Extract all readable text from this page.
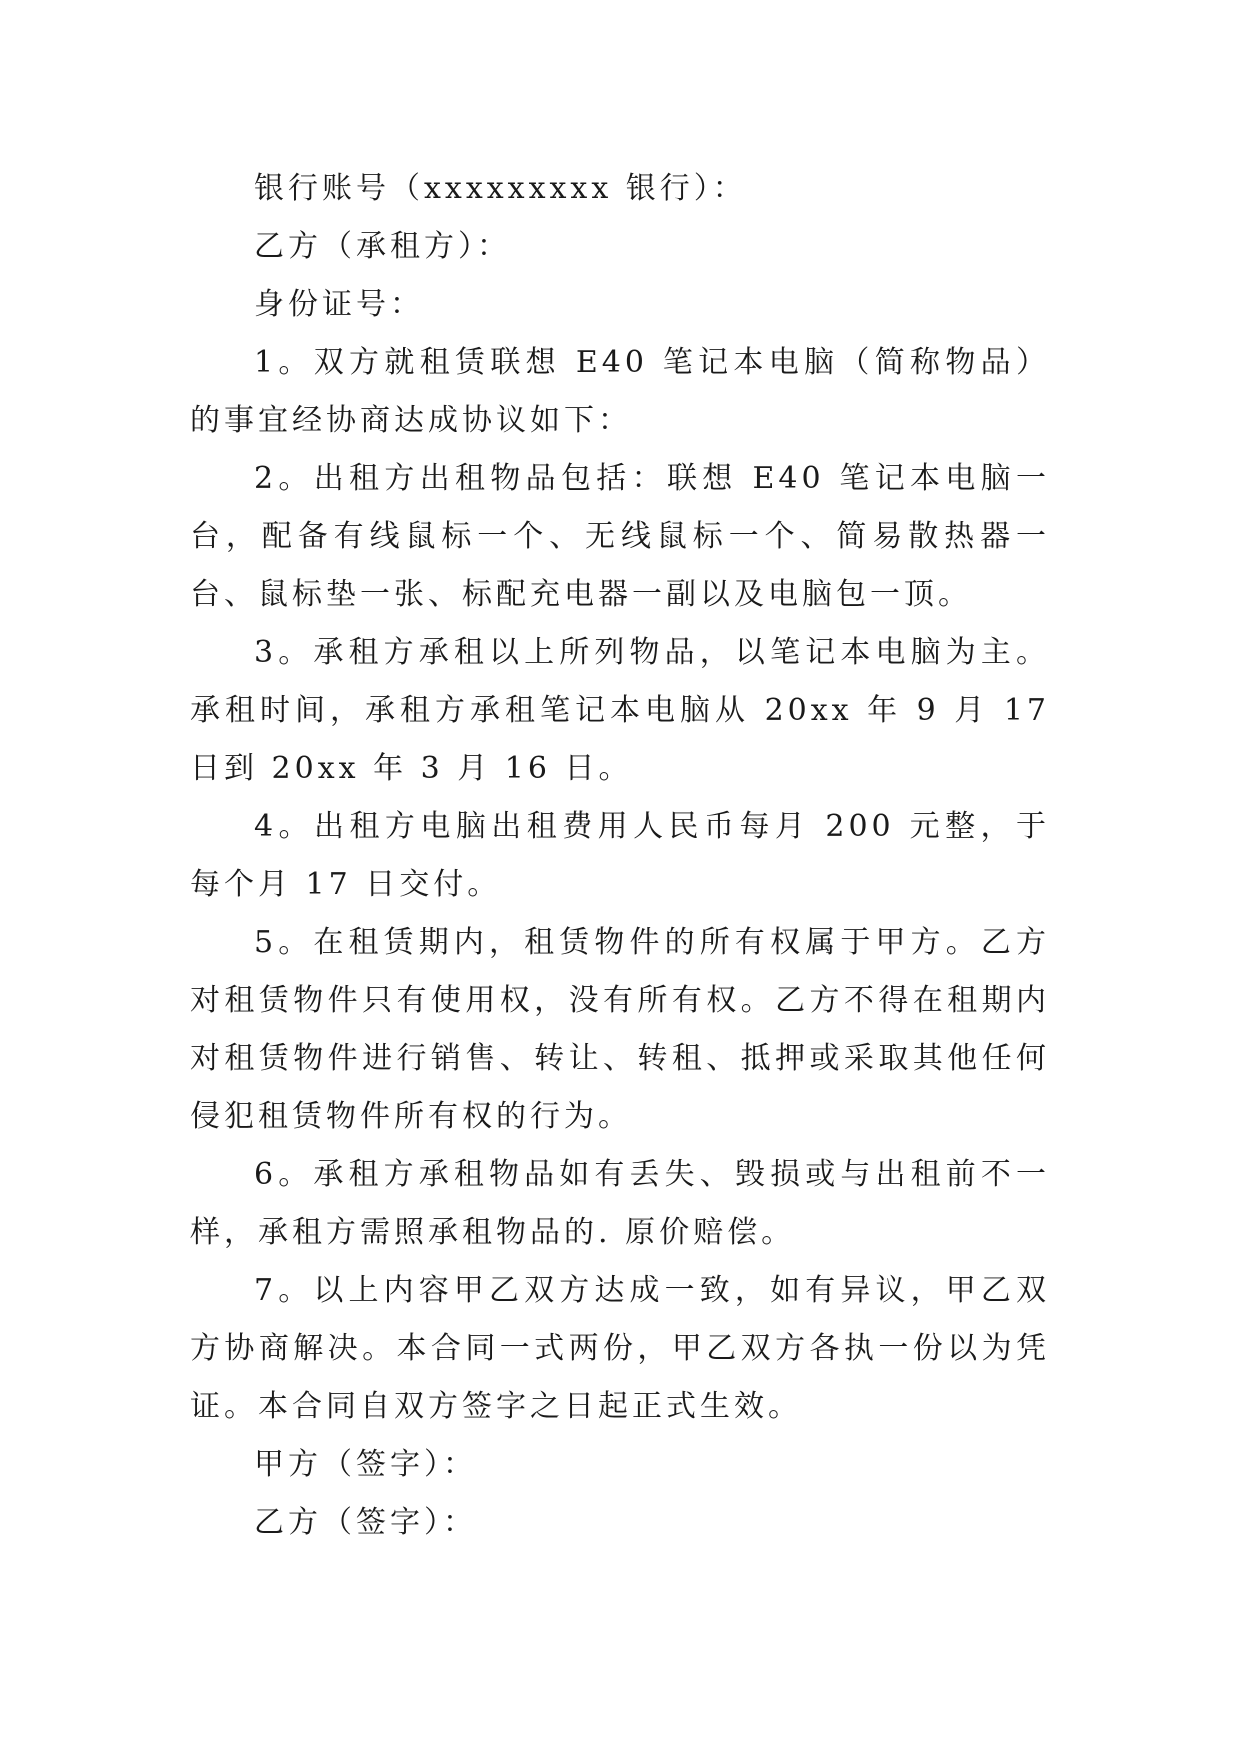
银行账号（xxxxxxxxx 银行）：

乙方（承租方）：

身份证号：

1。双方就租赁联想 E40 笔记本电脑（简称物品）的事宜经协商达成协议如下：

2。出租方出租物品包括：联想 E40 笔记本电脑一台，配备有线鼠标一个、无线鼠标一个、简易散热器一台、鼠标垫一张、标配充电器一副以及电脑包一顶。

3。承租方承租以上所列物品，以笔记本电脑为主。承租时间，承租方承租笔记本电脑从 20xx 年 9 月 17 日到 20xx 年 3 月 16 日。

4。出租方电脑出租费用人民币每月 200 元整，于每个月 17 日交付。

5。在租赁期内，租赁物件的所有权属于甲方。乙方对租赁物件只有使用权，没有所有权。乙方不得在租期内对租赁物件进行销售、转让、转租、抵押或采取其他任何侵犯租赁物件所有权的行为。

6。承租方承租物品如有丢失、毁损或与出租前不一样，承租方需照承租物品的. 原价赔偿。

7。以上内容甲乙双方达成一致，如有异议，甲乙双方协商解决。本合同一式两份，甲乙双方各执一份以为凭证。本合同自双方签字之日起正式生效。

甲方（签字）：

乙方（签字）：
